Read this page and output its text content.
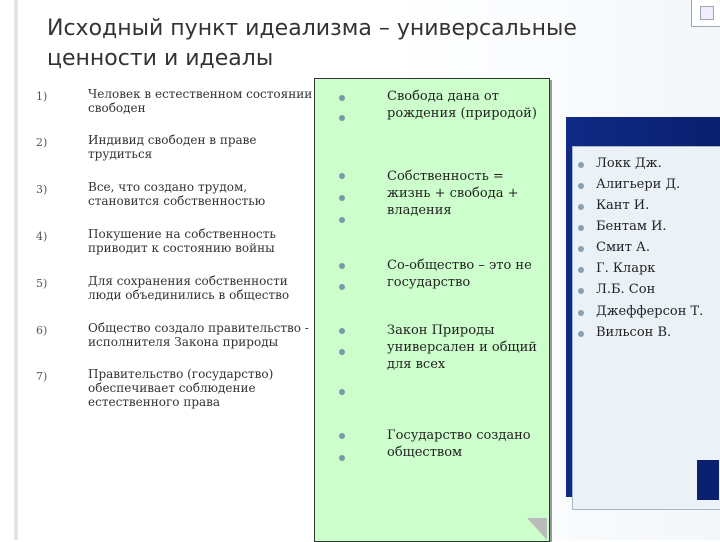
Исходный пункт идеализма – универсальные ценности и идеалы
1)	Человек в естественном состоянии свободен
2)	Индивид свободен в праве трудиться
3)	Все, что создано трудом, становится собственностью
4)	Покушение на собственность приводит к состоянию войны
5)	Для сохранения собственности люди объединились в общество
6)	Общество создало правительство - исполнителя Закона природы
7)	Правительство (государство) обеспечивает соблюдение естественного права
Свобода дана от рождения (природой)
Собственность = жизнь + свобода + владения
Со-общество – это не государство
Закон Природы универсален и общий для всех
Государство создано обществом
Локк Дж.
Алигьери Д.
Кант И.
Бентам И.
Смит А.
Г. Кларк
Л.Б. Сон
Джефферсон Т.
Вильсон В.
